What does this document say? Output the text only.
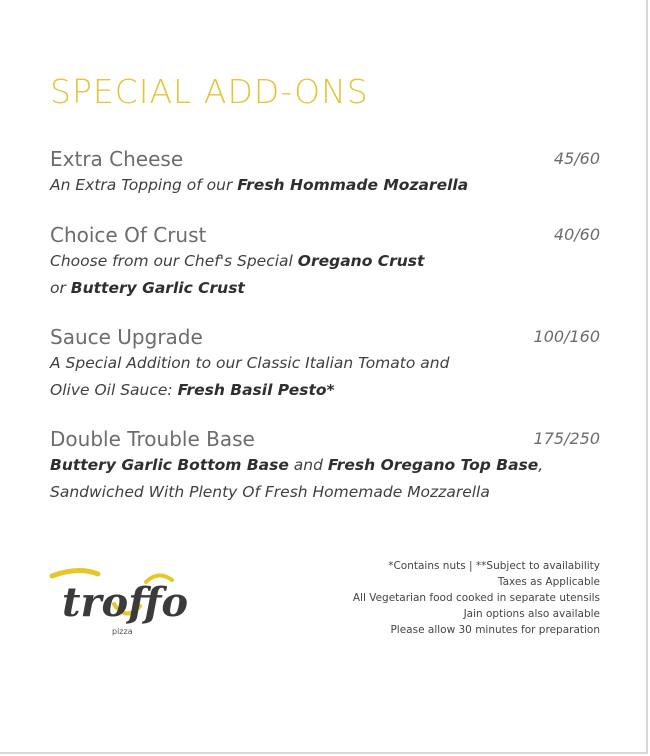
SPECIAL ADD-ONS
Extra Cheese	45/60
An Extra Topping of our Fresh Hommade Mozarella
Choice Of Crust	40/60
Choose from our Chef's Special Oregano Crust
or Buttery Garlic Crust
Sauce Upgrade	100/160
A Special Addition to our Classic Italian Tomato and
Olive Oil Sauce: Fresh Basil Pesto*
Double Trouble Base	175/250
Buttery Garlic Bottom Base and Fresh Oregano Top Base,
Sandwiched With Plenty Of Fresh Homemade Mozzarella
troffo
pizza
*Contains nuts | **Subject to availability
Taxes as Applicable
All Vegetarian food cooked in separate utensils
Jain options also available
Please allow 30 minutes for preparation
